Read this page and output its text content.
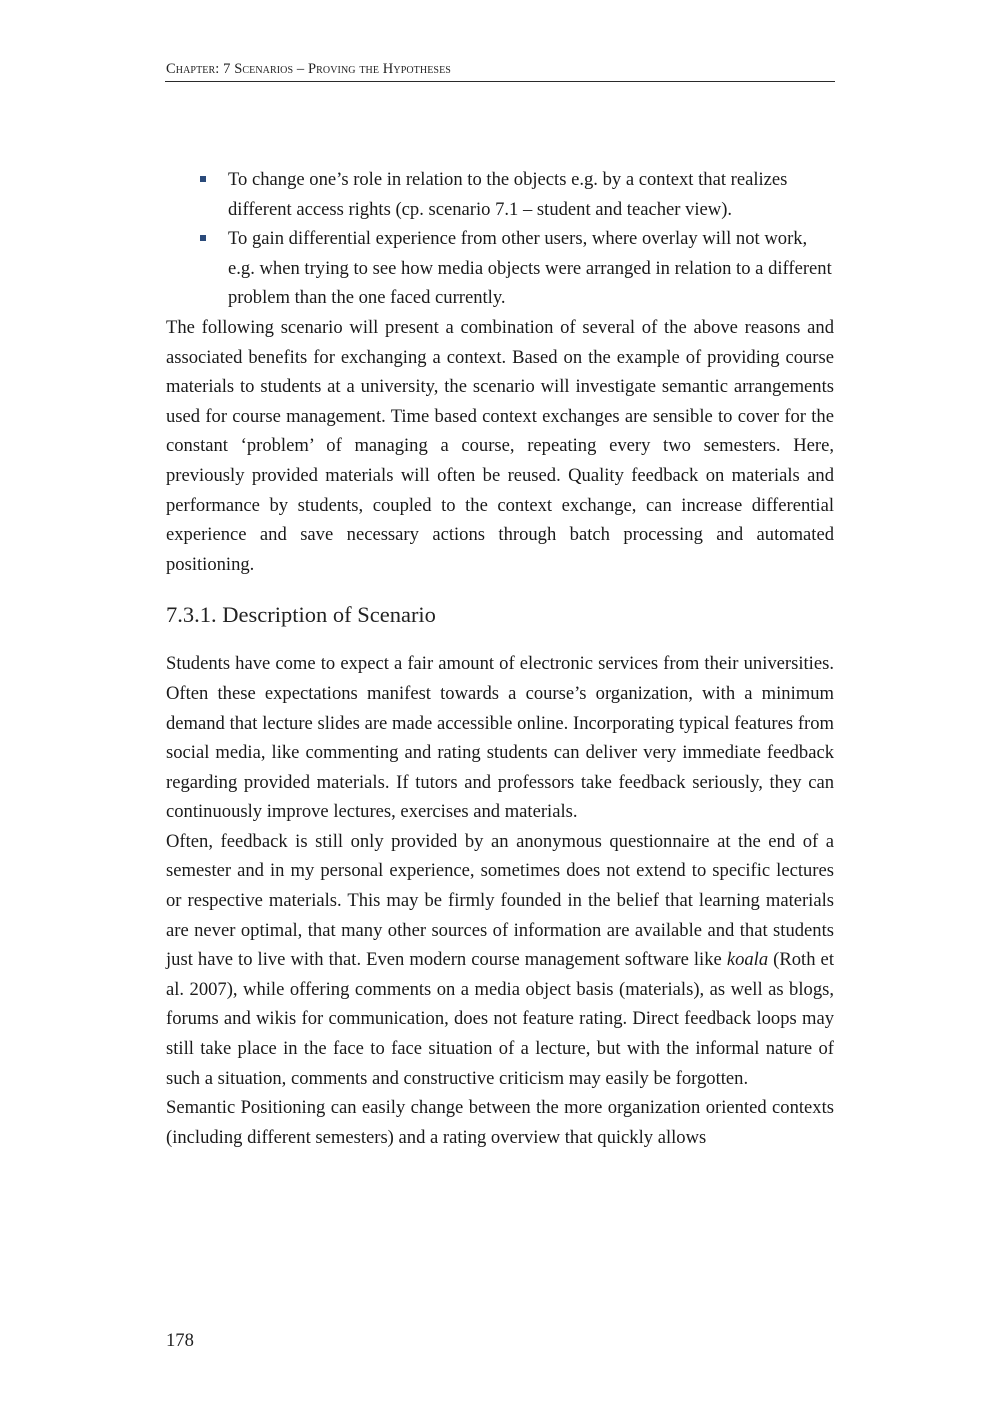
Chapter: 7 Scenarios – Proving the Hypotheses
To change one’s role in relation to the objects e.g. by a context that realizes different access rights (cp. scenario 7.1 – student and teacher view).
To gain differential experience from other users, where overlay will not work, e.g. when trying to see how media objects were arranged in relation to a different problem than the one faced currently.

The following scenario will present a combination of several of the above reasons and associated benefits for exchanging a context. Based on the example of providing course materials to students at a university, the scenario will investigate semantic arrangements used for course management. Time based context exchanges are sensible to cover for the constant ‘problem’ of managing a course, repeating every two semesters. Here, previously provided materials will often be reused. Quality feedback on materials and performance by students, coupled to the context exchange, can increase differential experience and save necessary actions through batch processing and automated positioning.

7.3.1. Description of Scenario

Students have come to expect a fair amount of electronic services from their universities. Often these expectations manifest towards a course’s organization, with a minimum demand that lecture slides are made accessible online. Incorporating typical features from social media, like commenting and rating students can deliver very immediate feedback regarding provided materials. If tutors and professors take feedback seriously, they can continuously improve lectures, exercises and materials.

Often, feedback is still only provided by an anonymous questionnaire at the end of a semester and in my personal experience, sometimes does not extend to specific lectures or respective materials. This may be firmly founded in the belief that learning materials are never optimal, that many other sources of information are available and that students just have to live with that. Even modern course management software like koala (Roth et al. 2007), while offering comments on a media object basis (materials), as well as blogs, forums and wikis for communication, does not feature rating. Direct feedback loops may still take place in the face to face situation of a lecture, but with the informal nature of such a situation, comments and constructive criticism may easily be forgotten.

Semantic Positioning can easily change between the more organization oriented contexts (including different semesters) and a rating overview that quickly allows

178
